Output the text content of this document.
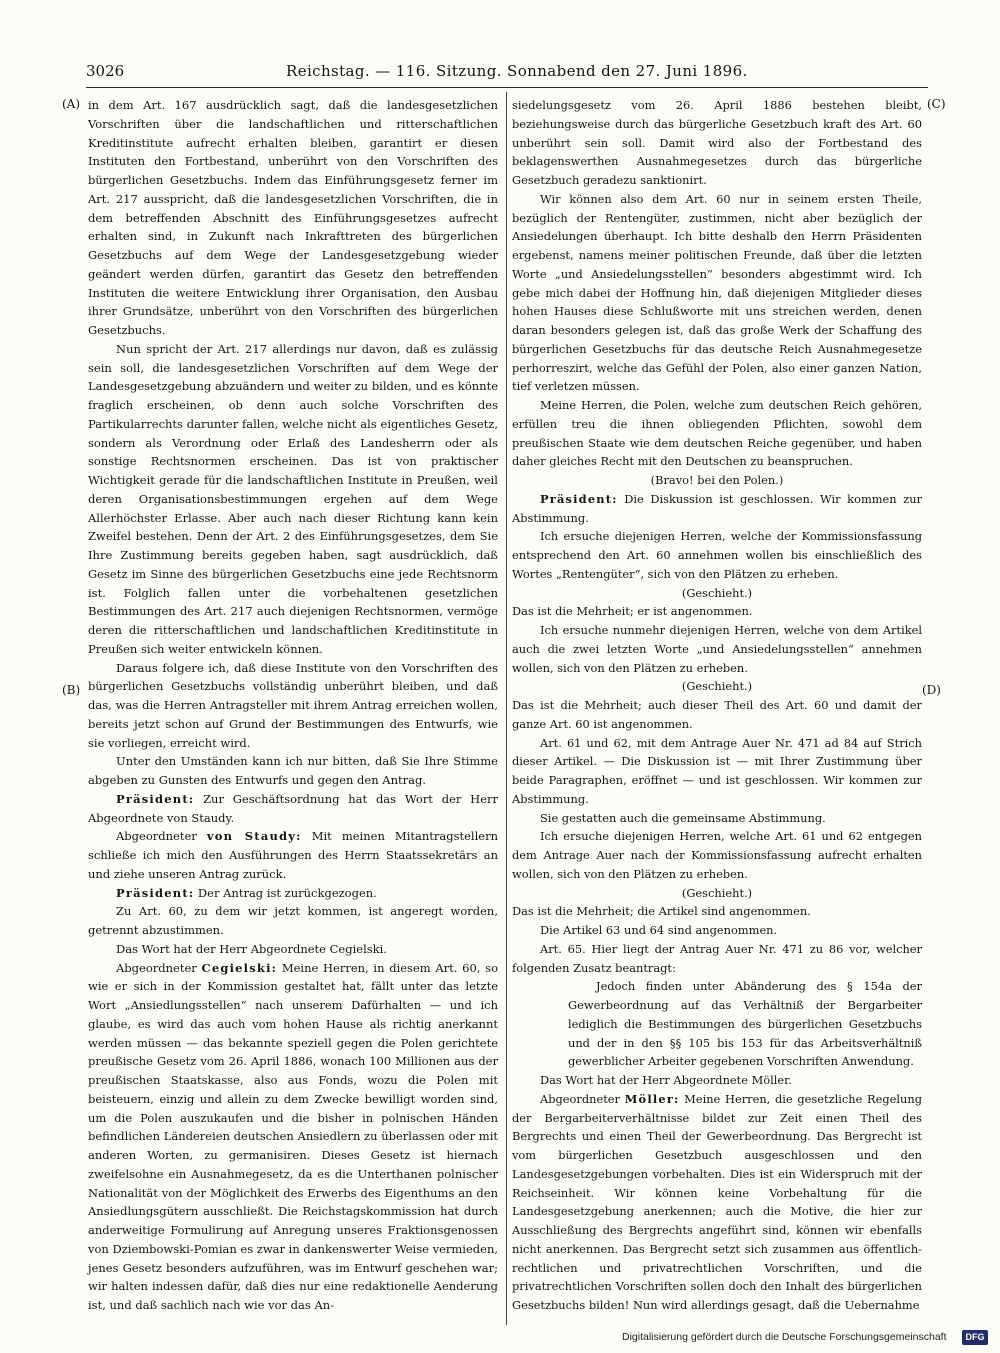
3026	Reichstag. — 116. Sitzung. Sonnabend den 27. Juni 1896.
(A)
(B)
(C)
(D)

in dem Art. 167 ausdrücklich sagt, daß die landesgesetzlichen Vorschriften über die landschaftlichen und ritterschaftlichen Kreditinstitute aufrecht erhalten bleiben, garantirt er diesen Instituten den Fortbestand, unberührt von den Vorschriften des bürgerlichen Gesetzbuchs. Indem das Einführungsgesetz ferner im Art. 217 ausspricht, daß die landesgesetzlichen Vorschriften, die in dem betreffenden Abschnitt des Einführungsgesetzes aufrecht erhalten sind, in Zukunft nach Inkrafttreten des bürgerlichen Gesetzbuchs auf dem Wege der Landesgesetzgebung wieder geändert werden dürfen, garantirt das Gesetz den betreffenden Instituten die weitere Entwicklung ihrer Organisation, den Ausbau ihrer Grundsätze, unberührt von den Vorschriften des bürgerlichen Gesetzbuchs.

Nun spricht der Art. 217 allerdings nur davon, daß es zulässig sein soll, die landesgesetzlichen Vorschriften auf dem Wege der Landesgesetzgebung abzuändern und weiter zu bilden, und es könnte fraglich erscheinen, ob denn auch solche Vorschriften des Partikularrechts darunter fallen, welche nicht als eigentliches Gesetz, sondern als Verordnung oder Erlaß des Landesherrn oder als sonstige Rechtsnormen erscheinen. Das ist von praktischer Wichtigkeit gerade für die landschaftlichen Institute in Preußen, weil deren Organisationsbestimmungen ergehen auf dem Wege Allerhöchster Erlasse. Aber auch nach dieser Richtung kann kein Zweifel bestehen. Denn der Art. 2 des Einführungsgesetzes, dem Sie Ihre Zustimmung bereits gegeben haben, sagt ausdrücklich, daß Gesetz im Sinne des bürgerlichen Gesetzbuchs eine jede Rechtsnorm ist. Folglich fallen unter die vorbehaltenen gesetzlichen Bestimmungen des Art. 217 auch diejenigen Rechtsnormen, vermöge deren die ritterschaftlichen und landschaftlichen Kreditinstitute in Preußen sich weiter entwickeln können.

Daraus folgere ich, daß diese Institute von den Vorschriften des bürgerlichen Gesetzbuchs vollständig unberührt bleiben, und daß das, was die Herren Antragsteller mit ihrem Antrag erreichen wollen, bereits jetzt schon auf Grund der Bestimmungen des Entwurfs, wie sie vorliegen, erreicht wird.

Unter den Umständen kann ich nur bitten, daß Sie Ihre Stimme abgeben zu Gunsten des Entwurfs und gegen den Antrag.

Präsident: Zur Geschäftsordnung hat das Wort der Herr Abgeordnete von Staudy.

Abgeordneter von Staudy: Mit meinen Mitantragstellern schließe ich mich den Ausführungen des Herrn Staatssekretärs an und ziehe unseren Antrag zurück.

Präsident: Der Antrag ist zurückgezogen.

Zu Art. 60, zu dem wir jetzt kommen, ist angeregt worden, getrennt abzustimmen.

Das Wort hat der Herr Abgeordnete Cegielski.

Abgeordneter Cegielski: Meine Herren, in diesem Art. 60, so wie er sich in der Kommission gestaltet hat, fällt unter das letzte Wort „Ansiedlungsstellen“ nach unserem Dafürhalten — und ich glaube, es wird das auch vom hohen Hause als richtig anerkannt werden müssen — das bekannte speziell gegen die Polen gerichtete preußische Gesetz vom 26. April 1886, wonach 100 Millionen aus der preußischen Staatskasse, also aus Fonds, wozu die Polen mit beisteuern, einzig und allein zu dem Zwecke bewilligt worden sind, um die Polen auszukaufen und die bisher in polnischen Händen befindlichen Ländereien deutschen Ansiedlern zu überlassen oder mit anderen Worten, zu germanisiren. Dieses Gesetz ist hiernach zweifelsohne ein Ausnahmegesetz, da es die Unterthanen polnischer Nationalität von der Möglichkeit des Erwerbs des Eigenthums an den Ansiedlungsgütern ausschließt. Die Reichstagskommission hat durch anderweitige Formulirung auf Anregung unseres Fraktionsgenossen von Dziembowski-Pomian es zwar in dankenswerter Weise vermieden, jenes Gesetz besonders aufzuführen, was im Entwurf geschehen war; wir halten indessen dafür, daß dies nur eine redaktionelle Aenderung ist, und daß sachlich nach wie vor das An-

siedelungsgesetz vom 26. April 1886 bestehen bleibt, beziehungsweise durch das bürgerliche Gesetzbuch kraft des Art. 60 unberührt sein soll. Damit wird also der Fortbestand des beklagenswerthen Ausnahmegesetzes durch das bürgerliche Gesetzbuch geradezu sanktionirt.

Wir können also dem Art. 60 nur in seinem ersten Theile, bezüglich der Rentengüter, zustimmen, nicht aber bezüglich der Ansiedelungen überhaupt. Ich bitte deshalb den Herrn Präsidenten ergebenst, namens meiner politischen Freunde, daß über die letzten Worte „und Ansiedelungsstellen“ besonders abgestimmt wird. Ich gebe mich dabei der Hoffnung hin, daß diejenigen Mitglieder dieses hohen Hauses diese Schlußworte mit uns streichen werden, denen daran besonders gelegen ist, daß das große Werk der Schaffung des bürgerlichen Gesetzbuchs für das deutsche Reich Ausnahmegesetze perhorreszirt, welche das Gefühl der Polen, also einer ganzen Nation, tief verletzen müssen.

Meine Herren, die Polen, welche zum deutschen Reich gehören, erfüllen treu die ihnen obliegenden Pflichten, sowohl dem preußischen Staate wie dem deutschen Reiche gegenüber, und haben daher gleiches Recht mit den Deutschen zu beanspruchen.

(Bravo! bei den Polen.)

Präsident: Die Diskussion ist geschlossen. Wir kommen zur Abstimmung.

Ich ersuche diejenigen Herren, welche der Kommissionsfassung entsprechend den Art. 60 annehmen wollen bis einschließlich des Wortes „Rentengüter“, sich von den Plätzen zu erheben.

(Geschieht.)

Das ist die Mehrheit; er ist angenommen.

Ich ersuche nunmehr diejenigen Herren, welche von dem Artikel auch die zwei letzten Worte „und Ansiedelungsstellen“ annehmen wollen, sich von den Plätzen zu erheben.

(Geschieht.)

Das ist die Mehrheit; auch dieser Theil des Art. 60 und damit der ganze Art. 60 ist angenommen.

Art. 61 und 62, mit dem Antrage Auer Nr. 471 ad 84 auf Strich dieser Artikel. — Die Diskussion ist — mit Ihrer Zustimmung über beide Paragraphen, eröffnet — und ist geschlossen. Wir kommen zur Abstimmung.

Sie gestatten auch die gemeinsame Abstimmung.

Ich ersuche diejenigen Herren, welche Art. 61 und 62 entgegen dem Antrage Auer nach der Kommissionsfassung aufrecht erhalten wollen, sich von den Plätzen zu erheben.

(Geschieht.)

Das ist die Mehrheit; die Artikel sind angenommen.

Die Artikel 63 und 64 sind angenommen.

Art. 65. Hier liegt der Antrag Auer Nr. 471 zu 86 vor, welcher folgenden Zusatz beantragt:

Jedoch finden unter Abänderung des § 154a der Gewerbeordnung auf das Verhältniß der Bergarbeiter lediglich die Bestimmungen des bürgerlichen Gesetzbuchs und der in den §§ 105 bis 153 für das Arbeitsverhältniß gewerblicher Arbeiter gegebenen Vorschriften Anwendung.

Das Wort hat der Herr Abgeordnete Möller.

Abgeordneter Möller: Meine Herren, die gesetzliche Regelung der Bergarbeiterverhältnisse bildet zur Zeit einen Theil des Bergrechts und einen Theil der Gewerbeordnung. Das Bergrecht ist vom bürgerlichen Gesetzbuch ausgeschlossen und den Landesgesetzgebungen vorbehalten. Dies ist ein Widerspruch mit der Reichseinheit. Wir können keine Vorbehaltung für die Landesgesetzgebung anerkennen; auch die Motive, die hier zur Ausschließung des Bergrechts angeführt sind, können wir ebenfalls nicht anerkennen. Das Bergrecht setzt sich zusammen aus öffentlich-rechtlichen und privatrechtlichen Vorschriften, und die privatrechtlichen Vorschriften sollen doch den Inhalt des bürgerlichen Gesetzbuchs bilden! Nun wird allerdings gesagt, daß die Uebernahme

Digitalisierung gefördert durch die Deutsche Forschungsgemeinschaft	DFG
